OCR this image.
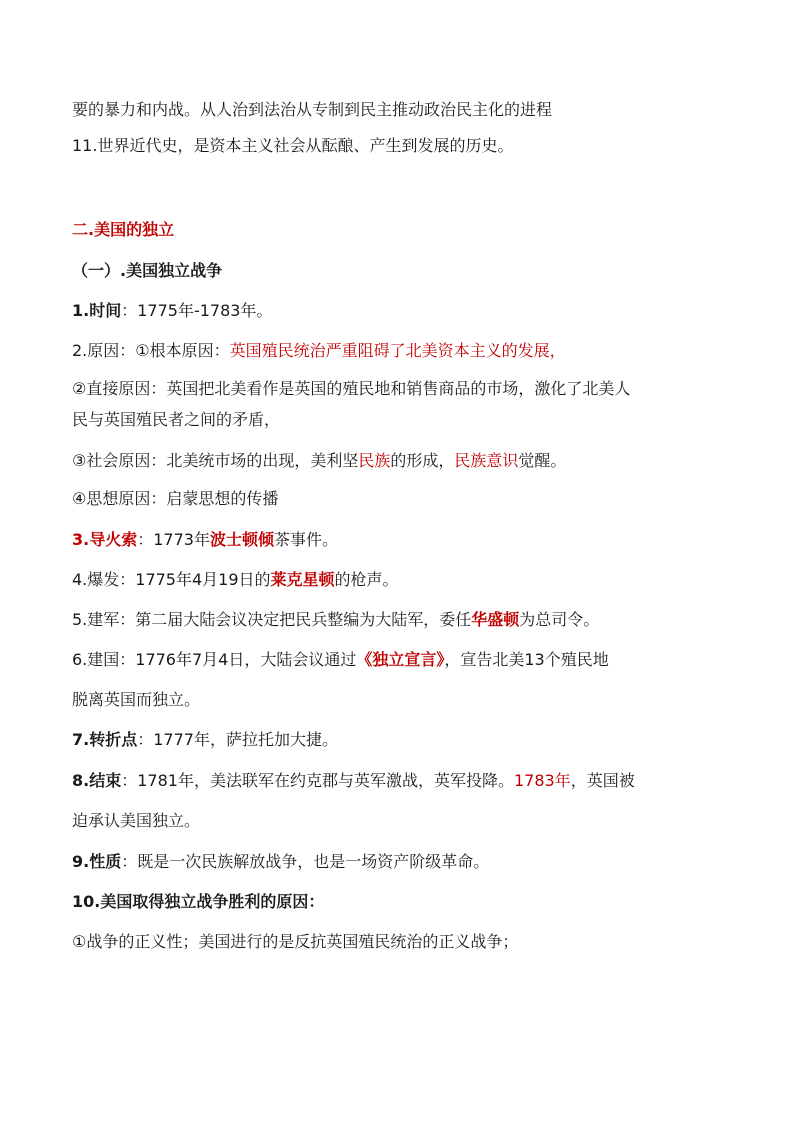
要的暴力和内战。从人治到法治从专制到民主推动政治民主化的进程
11.世界近代史，是资本主义社会从酝酿、产生到发展的历史。
二.美国的独立
（一）.美国独立战争
1.时间：1775年-1783年。
2.原因：①根本原因：英国殖民统治严重阻碍了北美资本主义的发展，
②直接原因：英国把北美看作是英国的殖民地和销售商品的市场，激化了北美人
民与英国殖民者之间的矛盾，
③社会原因：北美统市场的出现，美利坚民族的形成，民族意识觉醒。
④思想原因：启蒙思想的传播
3.导火索：1773年波士顿倾茶事件。
4.爆发：1775年4月19日的莱克星顿的枪声。
5.建军：第二届大陆会议决定把民兵整编为大陆军，委任华盛顿为总司令。
6.建国：1776年7月4日，大陆会议通过《独立宣言》，宣告北美13个殖民地
脱离英国而独立。
7.转折点：1777年，萨拉托加大捷。
8.结束：1781年，美法联军在约克郡与英军激战，英军投降。1783年，英国被
迫承认美国独立。
9.性质：既是一次民族解放战争，也是一场资产阶级革命。
10.美国取得独立战争胜利的原因：
①战争的正义性；美国进行的是反抗英国殖民统治的正义战争；
